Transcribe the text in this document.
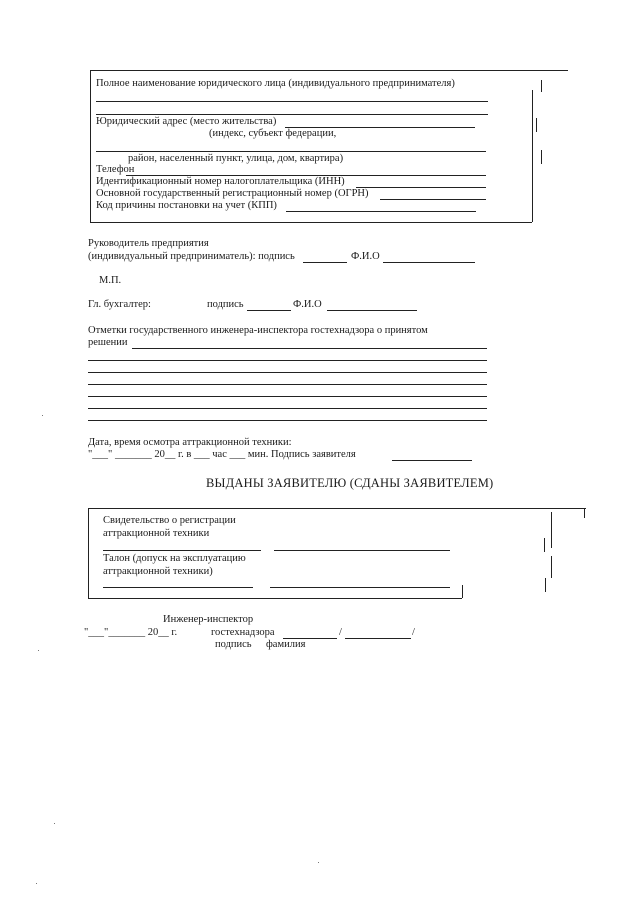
Полное наименование юридического лица (индивидуального предпринимателя)
Юридический адрес (место жительства)
(индекс, субъект федерации,
район, населенный пункт, улица, дом, квартира)
Телефон
Идентификационный номер налогоплательщика (ИНН)
Основной государственный регистрационный номер (ОГРН)
Код причины постановки на учет (КПП)
Руководитель предприятия
(индивидуальный предприниматель): подпись	Ф.И.О
М.П.
Гл. бухгалтер:	подпись	Ф.И.О
Отметки государственного инженера-инспектора гостехнадзора о принятом
решении
Дата, время осмотра аттракционной техники:
"___" _______ 20__ г. в ___ час ___ мин. Подпись заявителя
ВЫДАНЫ ЗАЯВИТЕЛЮ (СДАНЫ ЗАЯВИТЕЛЕМ)
Свидетельство о регистрации
аттракционной техники
Талон (допуск на эксплуатацию
аттракционной техники)
Инженер-инспектор
"___"_______ 20__ г.	гостехнадзора	/	/
подпись фамилия
